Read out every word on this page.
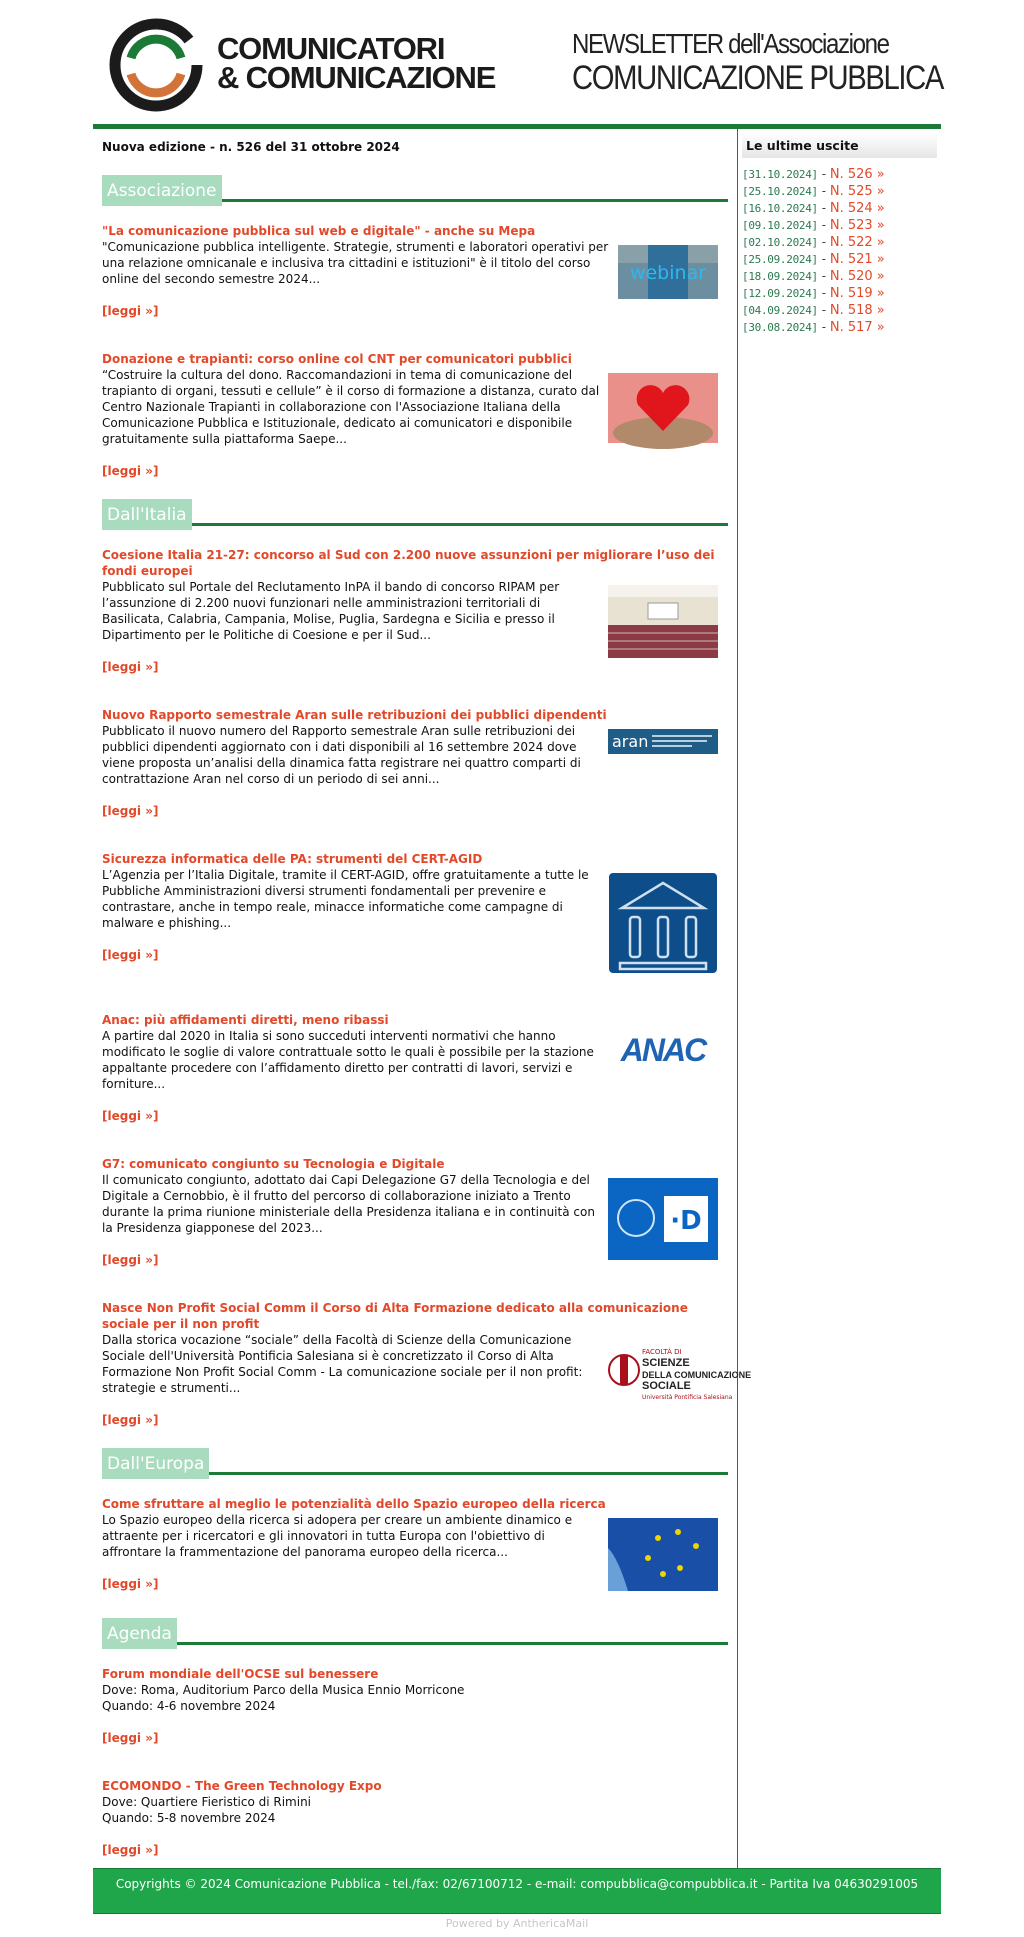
COMUNICATORI
& COMUNICAZIONE
NEWSLETTER dell'Associazione
COMUNICAZIONE PUBBLICA
Nuova edizione - n. 526 del 31 ottobre 2024
Associazione
"La comunicazione pubblica sul web e digitale" - anche su Mepa
webinar
"Comunicazione pubblica intelligente. Strategie, strumenti e laboratori operativi per una relazione omnicanale e inclusiva tra cittadini e istituzioni" è il titolo del corso online del secondo semestre 2024...
[leggi »]
Donazione e trapianti: corso online col CNT per comunicatori pubblici
“Costruire la cultura del dono. Raccomandazioni in tema di comunicazione del trapianto di organi, tessuti e cellule” è il corso di formazione a distanza, curato dal Centro Nazionale Trapianti in collaborazione con l'Associazione Italiana della Comunicazione Pubblica e Istituzionale, dedicato ai comunicatori e disponibile gratuitamente sulla piattaforma Saepe...
[leggi »]
Dall'Italia
Coesione Italia 21-27: concorso al Sud con 2.200 nuove assunzioni per migliorare l’uso dei fondi europei
Pubblicato sul Portale del Reclutamento InPA il bando di concorso RIPAM per l’assunzione di 2.200 nuovi funzionari nelle amministrazioni territoriali di Basilicata, Calabria, Campania, Molise, Puglia, Sardegna e Sicilia e presso il Dipartimento per le Politiche di Coesione e per il Sud...
[leggi »]
Nuovo Rapporto semestrale Aran sulle retribuzioni dei pubblici dipendenti
aran
Pubblicato il nuovo numero del Rapporto semestrale Aran sulle retribuzioni dei pubblici dipendenti aggiornato con i dati disponibili al 16 settembre 2024 dove viene proposta un’analisi della dinamica fatta registrare nei quattro comparti di contrattazione Aran nel corso di un periodo di sei anni...
[leggi »]
Sicurezza informatica delle PA: strumenti del CERT-AGID
L’Agenzia per l’Italia Digitale, tramite il CERT-AGID, offre gratuitamente a tutte le Pubbliche Amministrazioni diversi strumenti fondamentali per prevenire e contrastare, anche in tempo reale, minacce informatiche come campagne di malware e phishing...
[leggi »]
Anac: più affidamenti diretti, meno ribassi
ANAC
A partire dal 2020 in Italia si sono succeduti interventi normativi che hanno modificato le soglie di valore contrattuale sotto le quali è possibile per la stazione appaltante procedere con l’affidamento diretto per contratti di lavori, servizi e forniture...
[leggi »]
G7: comunicato congiunto su Tecnologia e Digitale
·D
Il comunicato congiunto, adottato dai Capi Delegazione G7 della Tecnologia e del Digitale a Cernobbio, è il frutto del percorso di collaborazione iniziato a Trento durante la prima riunione ministeriale della Presidenza italiana e in continuità con la Presidenza giapponese del 2023...
[leggi »]
Nasce Non Profit Social Comm il Corso di Alta Formazione dedicato alla comunicazione sociale per il non profit
FACOLTÀ DI
SCIENZE
DELLA COMUNICAZIONE
SOCIALE
Università Pontificia Salesiana
Dalla storica vocazione “sociale” della Facoltà di Scienze della Comunicazione Sociale dell'Università Pontificia Salesiana si è concretizzato il Corso di Alta Formazione Non Profit Social Comm - La comunicazione sociale per il non profit: strategie e strumenti...
[leggi »]
Dall'Europa
Come sfruttare al meglio le potenzialità dello Spazio europeo della ricerca
Lo Spazio europeo della ricerca si adopera per creare un ambiente dinamico e attraente per i ricercatori e gli innovatori in tutta Europa con l'obiettivo di affrontare la frammentazione del panorama europeo della ricerca...
[leggi »]
Agenda
Forum mondiale dell'OCSE sul benessere
Dove: Roma, Auditorium Parco della Musica Ennio Morricone
Quando: 4-6 novembre 2024
[leggi »]
ECOMONDO - The Green Technology Expo
Dove: Quartiere Fieristico di Rimini
Quando: 5-8 novembre 2024
[leggi »]
Le ultime uscite
[31.10.2024] - N. 526 »
[25.10.2024] - N. 525 »
[16.10.2024] - N. 524 »
[09.10.2024] - N. 523 »
[02.10.2024] - N. 522 »
[25.09.2024] - N. 521 »
[18.09.2024] - N. 520 »
[12.09.2024] - N. 519 »
[04.09.2024] - N. 518 »
[30.08.2024] - N. 517 »
Copyrights © 2024 Comunicazione Pubblica - tel./fax: 02/67100712 - e-mail: compubblica@compubblica.it - Partita Iva 04630291005
Powered by AnthericaMail
